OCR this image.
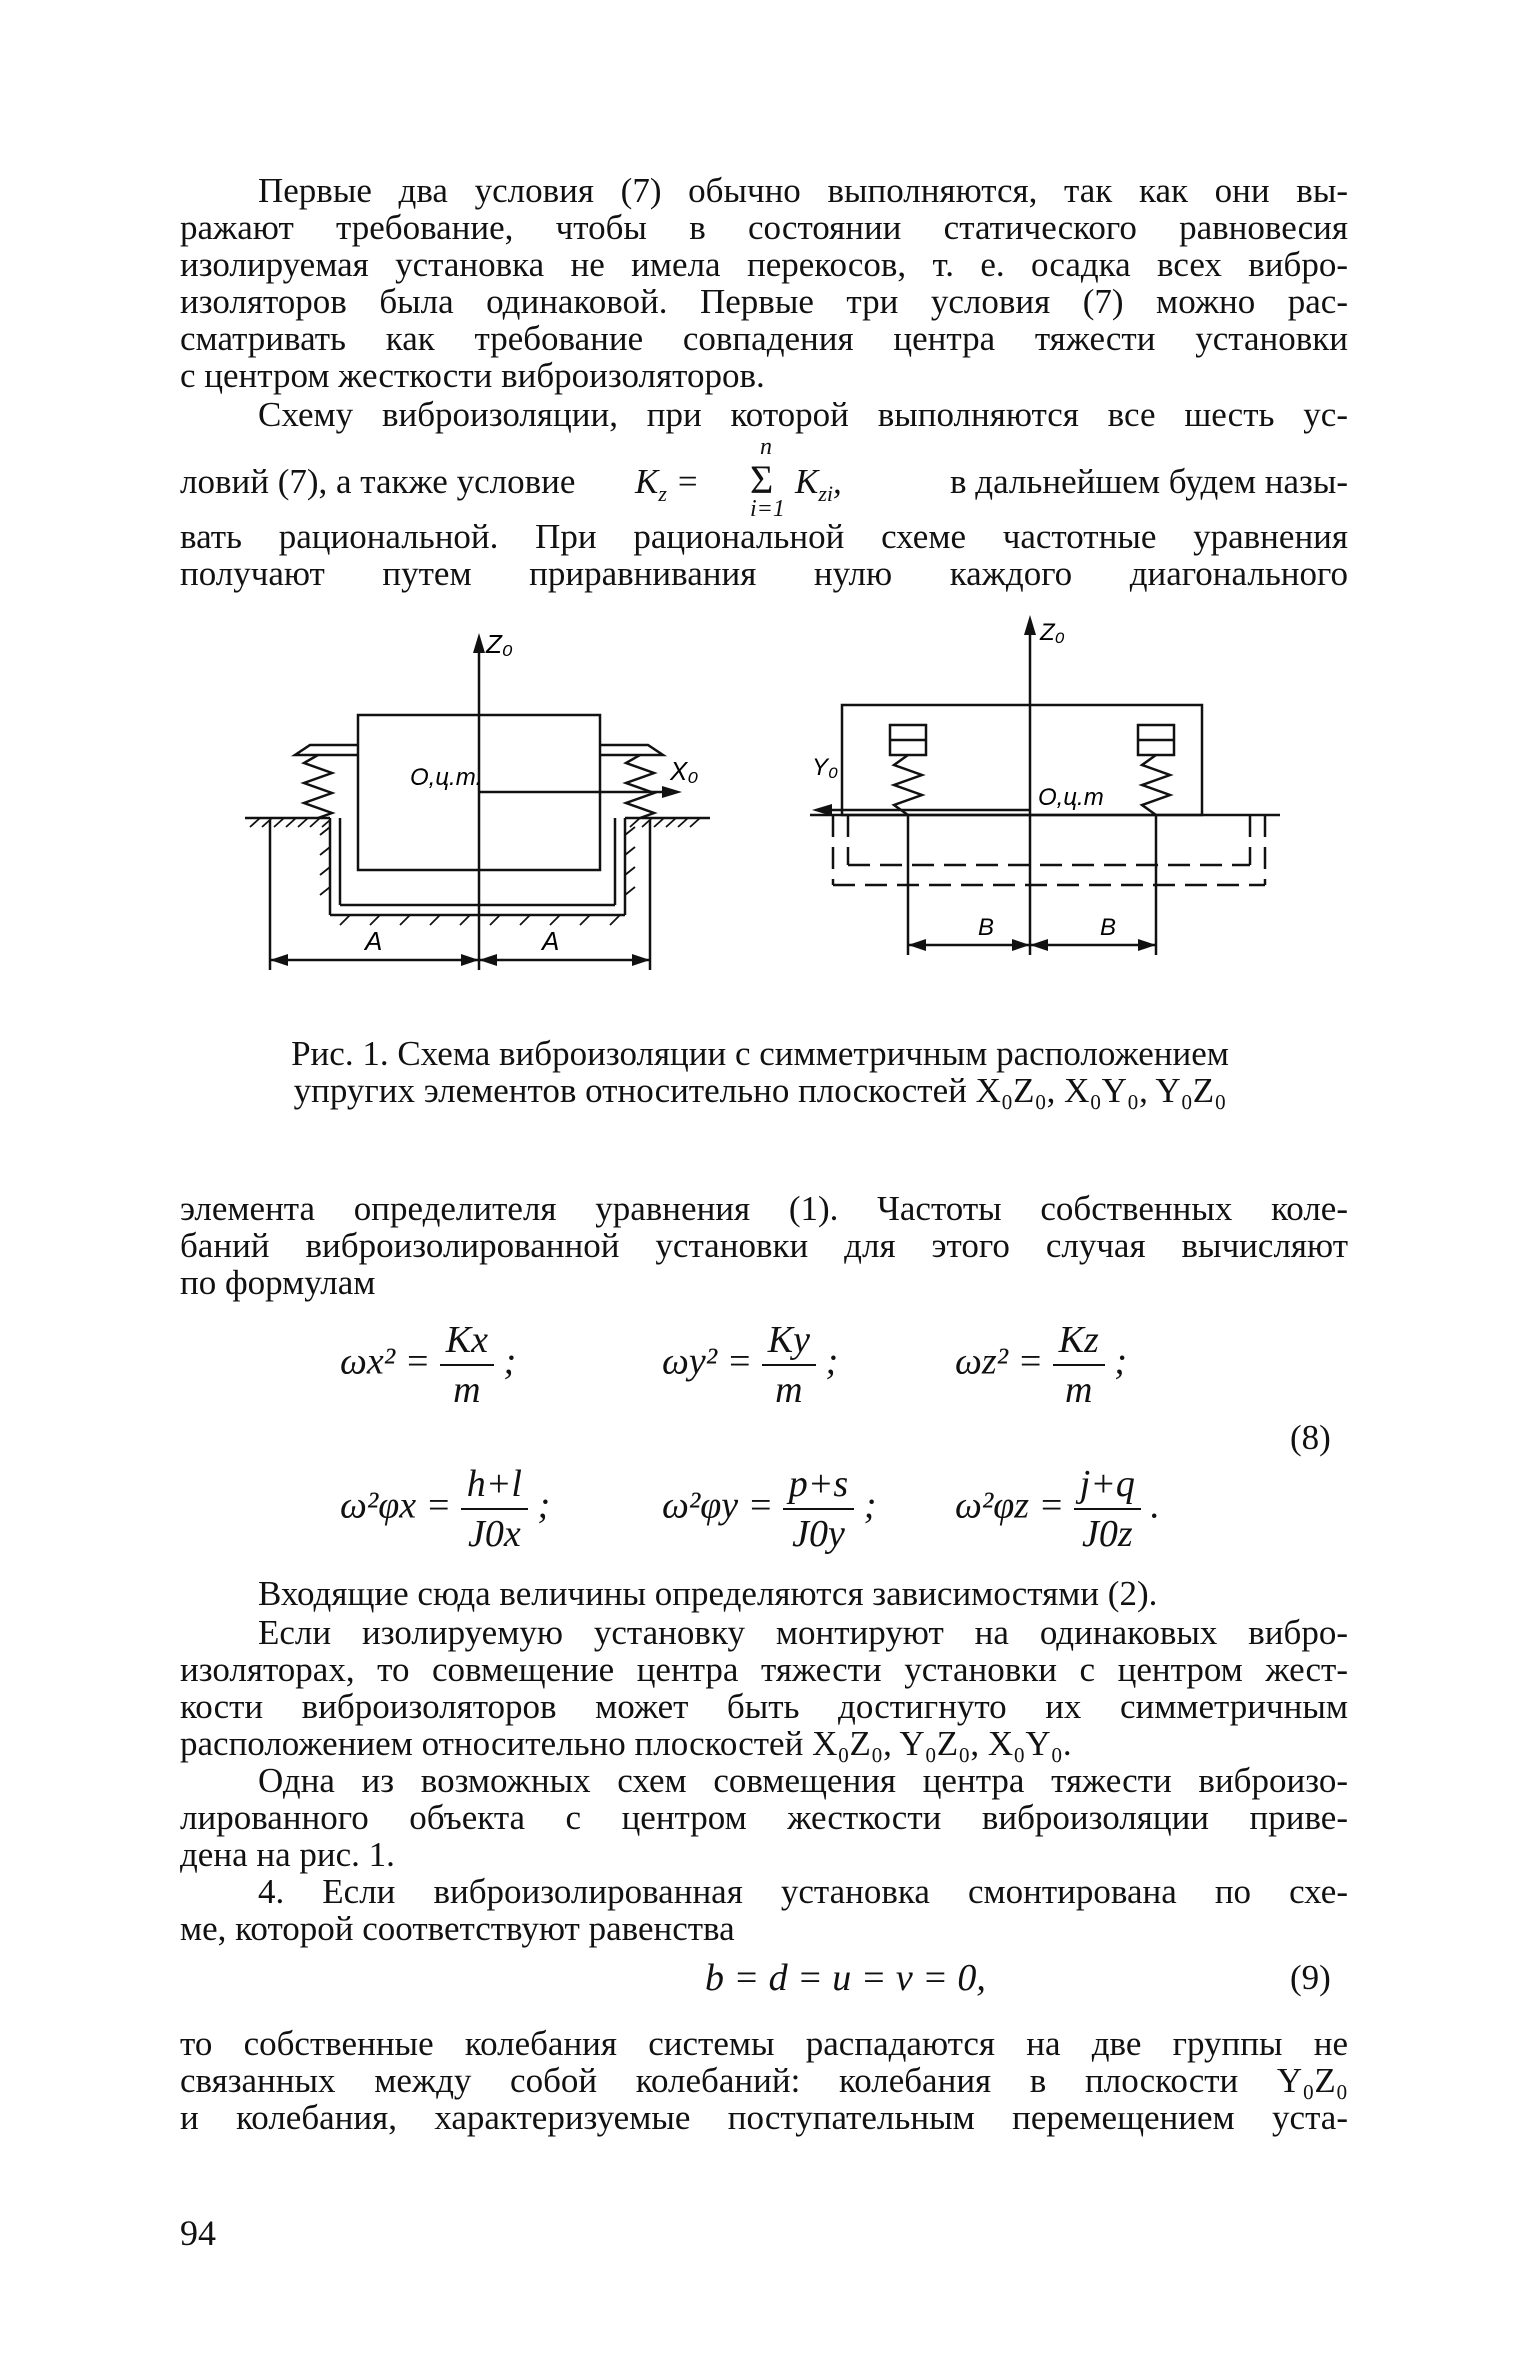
Первые два условия (7) обычно выполняются, так как они вы-
ражают требование, чтобы в состоянии статического равновесия
изолируемая установка не имела перекосов, т. е. осадка всех вибро-
изоляторов была одинаковой. Первые три условия (7) можно рас-
сматривать как требование совпадения центра тяжести установки
с центром жесткости виброизоляторов.
Схему виброизоляции, при которой выполняются все шесть ус-
ловий (7), а также условие $K_z$ =
n
Σ
i=1
$K_{zi}$,	в дальнейшем будем назы-
вать рациональной. При рациональной схеме частотные уравнения
получают путем приравнивания нулю каждого диагонального
Z₀
X₀
О,ц.т.
A	A
Z₀
Y₀
О,ц.т
B	B
Рис. 1. Схема виброизоляции с симметричным расположением
упругих элементов относительно плоскостей X₀Z₀, X₀Y₀, Y₀Z₀
элемента определителя уравнения (1). Частоты собственных коле-
баний виброизолированной установки для этого случая вычисляют
по формулам
$\omega x^2 = \frac{Kx}{m}$ ;	$\omega y^2 = \frac{Ky}{m}$ ;	$\omega z^2 = \frac{Kz}{m}$ ;
(8)
$\omega^2\varphi x = \frac{h+l}{J0x}$ ;	$\omega^2\varphi y = \frac{p+s}{J0y}$ ; $\omega^2\varphi z = \frac{j+q}{J0z}$ .
Входящие сюда величины определяются зависимостями (2).
Если изолируемую установку монтируют на одинаковых вибро-
изоляторах, то совмещение центра тяжести установки с центром жест-
кости виброизоляторов может быть достигнуто их симметричным
расположением относительно плоскостей X₀Z₀, Y₀Z₀, X₀Y₀.
Одна из возможных схем совмещения центра тяжести виброизо-
лированного объекта с центром жесткости виброизоляции приве-
дена на рис. 1.
4. Если виброизолированная установка смонтирована по схе-
ме, которой соответствуют равенства
b = d = u = v = 0,	(9)
то собственные колебания системы распадаются на две группы не
связанных между собой колебаний: колебания в плоскости Y₀Z₀
и колебания, характеризуемые поступательным перемещением уста-
94
